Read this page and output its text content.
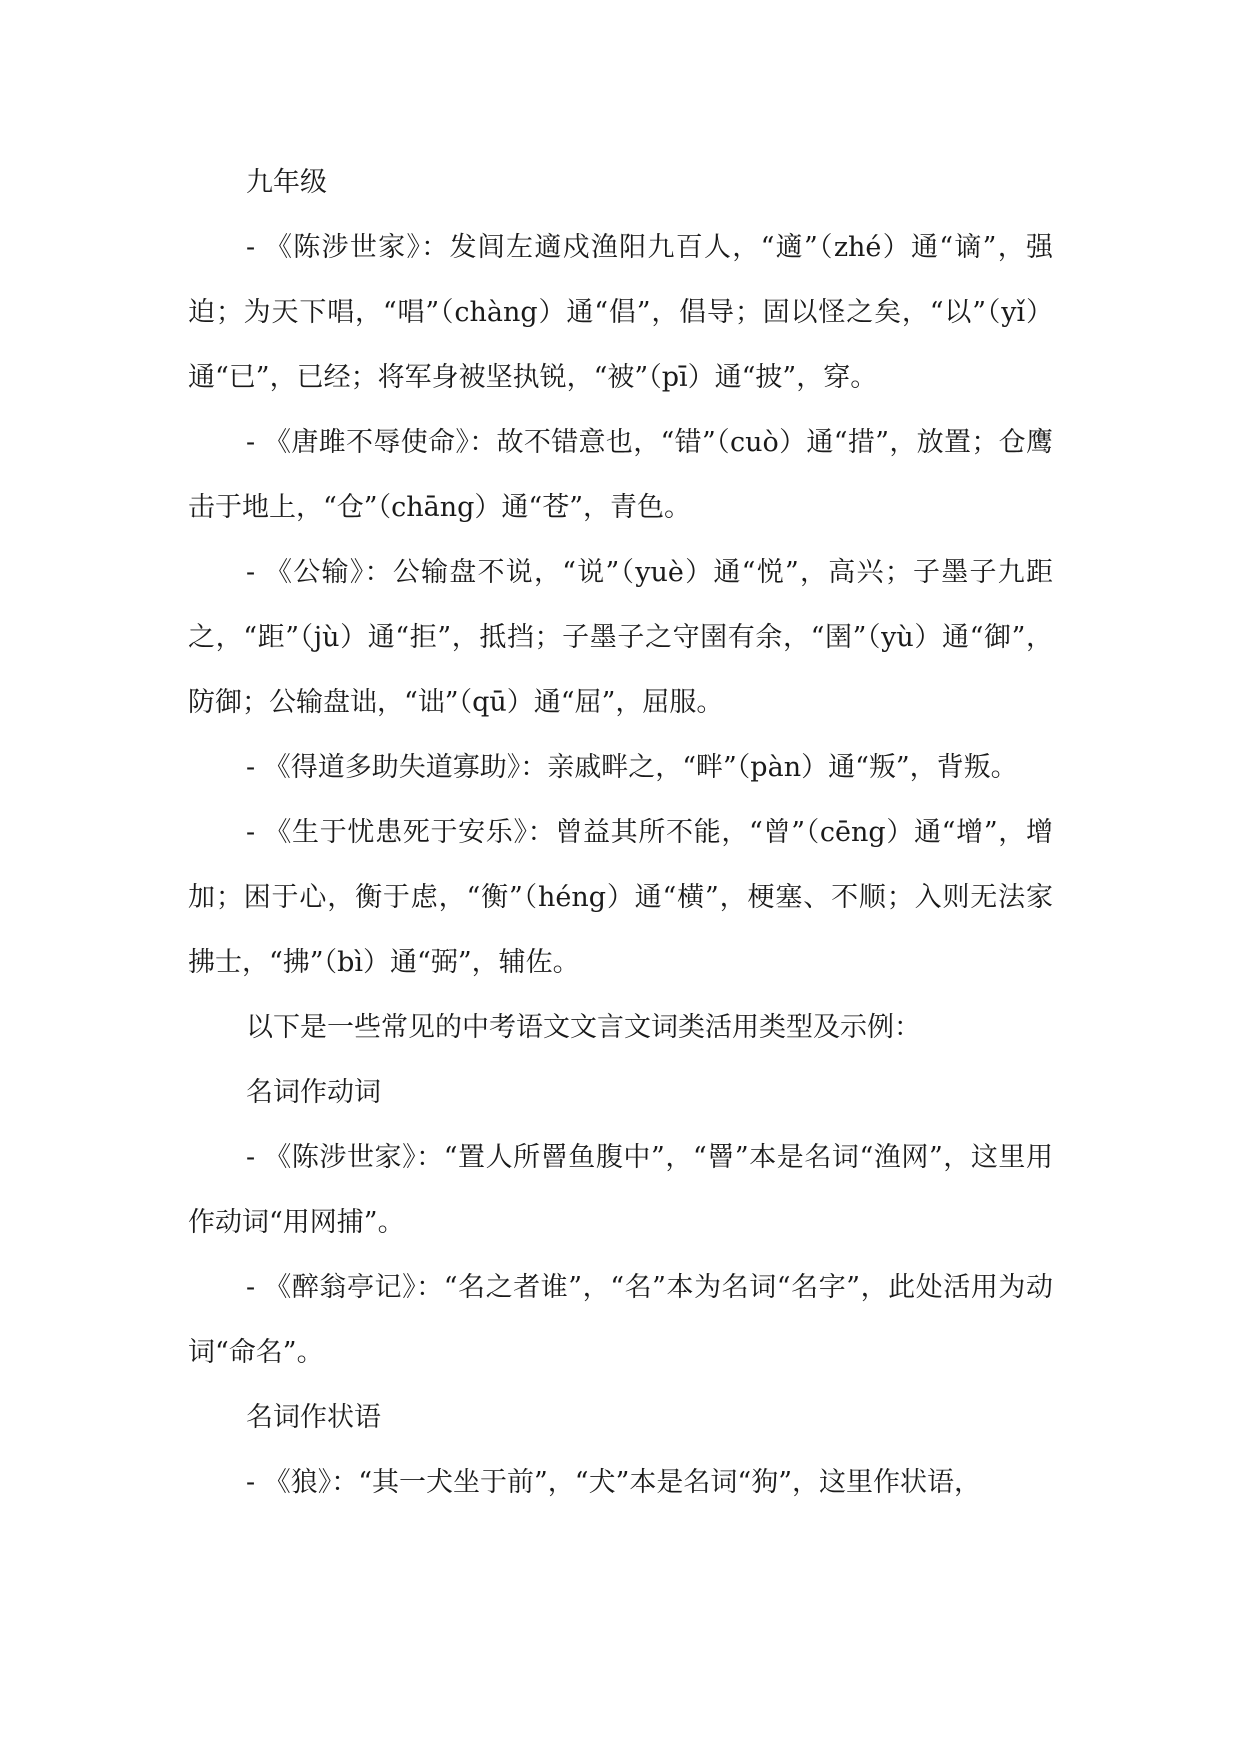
九年级

- 《陈涉世家》：发闾左適戍渔阳九百人，“適”（zhé）通“谪”，强迫；为天下唱，“唱”（chàng）通“倡”，倡导；固以怪之矣，“以”（yǐ）通“已”，已经；将军身被坚执锐，“被”（pī）通“披”，穿。

- 《唐雎不辱使命》：故不错意也，“错”（cuò）通“措”，放置；仓鹰击于地上，“仓”（chāng）通“苍”，青色。

- 《公输》：公输盘不说，“说”（yuè）通“悦”，高兴；子墨子九距之，“距”（jù）通“拒”，抵挡；子墨子之守圉有余，“圉”（yù）通“御”，防御；公输盘诎，“诎”（qū）通“屈”，屈服。

- 《得道多助失道寡助》：亲戚畔之，“畔”（pàn）通“叛”，背叛。

- 《生于忧患死于安乐》：曾益其所不能，“曾”（cēng）通“增”，增加；困于心，衡于虑，“衡”（héng）通“横”，梗塞、不顺；入则无法家拂士，“拂”（bì）通“弼”，辅佐。

以下是一些常见的中考语文文言文词类活用类型及示例：

名词作动词

- 《陈涉世家》：“置人所罾鱼腹中”，“罾”本是名词“渔网”，这里用作动词“用网捕”。

- 《醉翁亭记》：“名之者谁”，“名”本为名词“名字”，此处活用为动词“命名”。

名词作状语

- 《狼》：“其一犬坐于前”，“犬”本是名词“狗”，这里作状语，
